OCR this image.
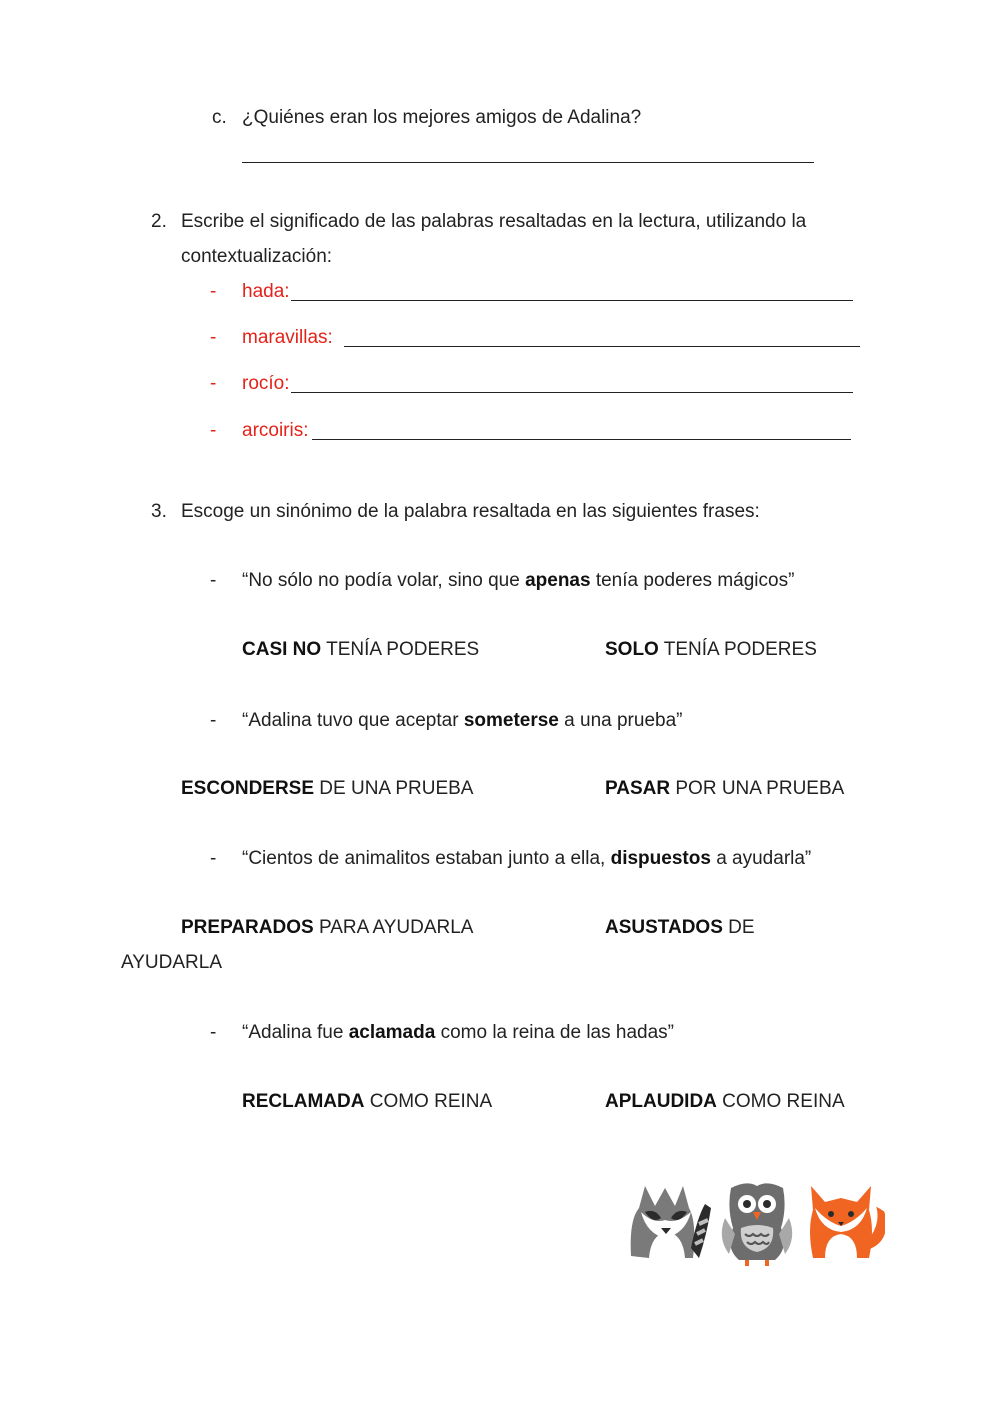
c. ¿Quiénes eran los mejores amigos de Adalina?
2. Escribe el significado de las palabras resaltadas en la lectura, utilizando la
contextualización:
- hada:
- maravillas:
- rocío:
- arcoiris:
3. Escoge un sinónimo de la palabra resaltada en las siguientes frases:
- “No sólo no podía volar, sino que apenas tenía poderes mágicos”
CASI NO TENÍA PODERES	SOLO TENÍA PODERES
- “Adalina tuvo que aceptar someterse a una prueba”
ESCONDERSE DE UNA PRUEBA	PASAR POR UNA PRUEBA
- “Cientos de animalitos estaban junto a ella, dispuestos a ayudarla”
PREPARADOS PARA AYUDARLA	ASUSTADOS DE
AYUDARLA
- “Adalina fue aclamada como la reina de las hadas”
RECLAMADA COMO REINA	APLAUDIDA COMO REINA
